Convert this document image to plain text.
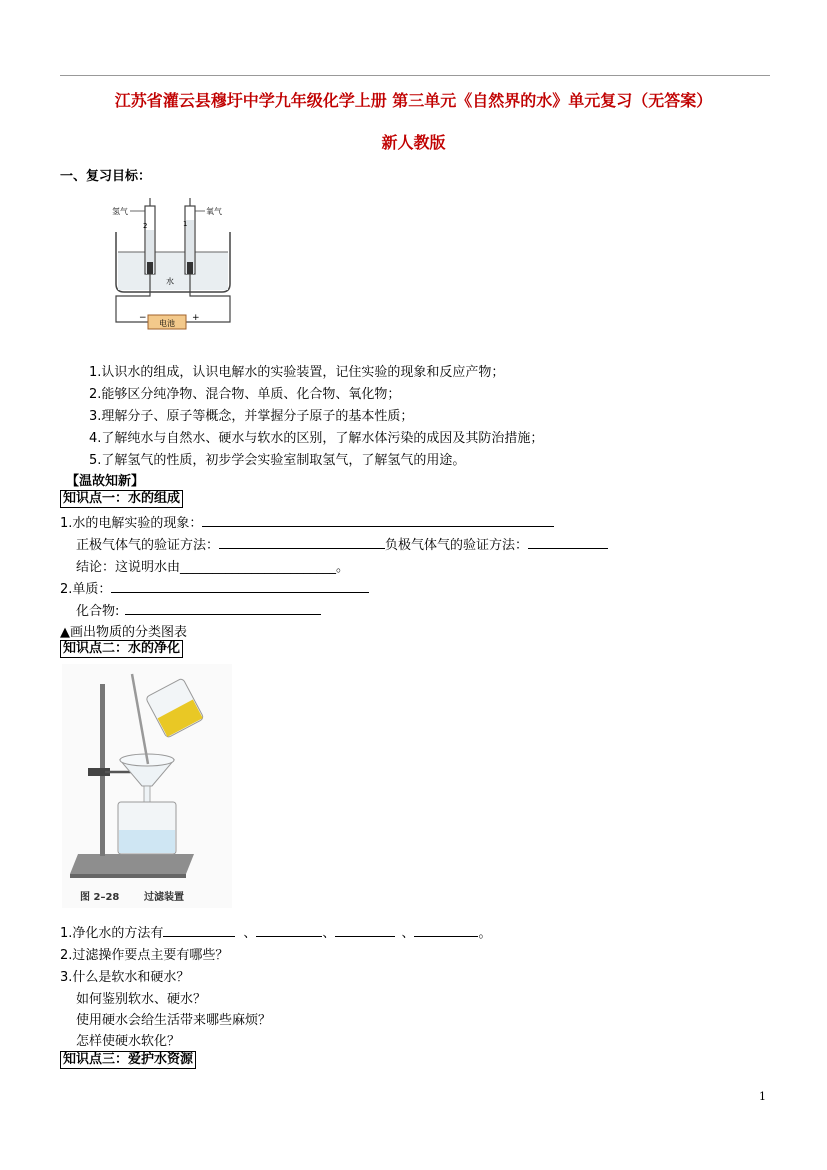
江苏省灌云县穆圩中学九年级化学上册 第三单元《自然界的水》单元复习（无答案）
新人教版
一、复习目标：
2	1
电池
−	+
水
氢气	氧气
1.认识水的组成，认识电解水的实验装置，记住实验的现象和反应产物；
2.能够区分纯净物、混合物、单质、化合物、氧化物；
3.理解分子、原子等概念，并掌握分子原子的基本性质；
4.了解纯水与自然水、硬水与软水的区别，了解水体污染的成因及其防治措施；
5.了解氢气的性质，初步学会实验室制取氢气，了解氢气的用途。
【温故知新】
知识点一：水的组成
1.水的电解实验的现象：
正极气体气的验证方法：	负极气体气的验证方法：
结论：这说明水由________________________。
2.单质：
化合物:
▲画出物质的分类图表
知识点二：水的净化
图 2–28 过滤装置
1.净化水的方法有	、	、	、	。
2.过滤操作要点主要有哪些？
3.什么是软水和硬水？
如何鉴别软水、硬水？
使用硬水会给生活带来哪些麻烦？
怎样使硬水软化？
知识点三：爱护水资源
1
